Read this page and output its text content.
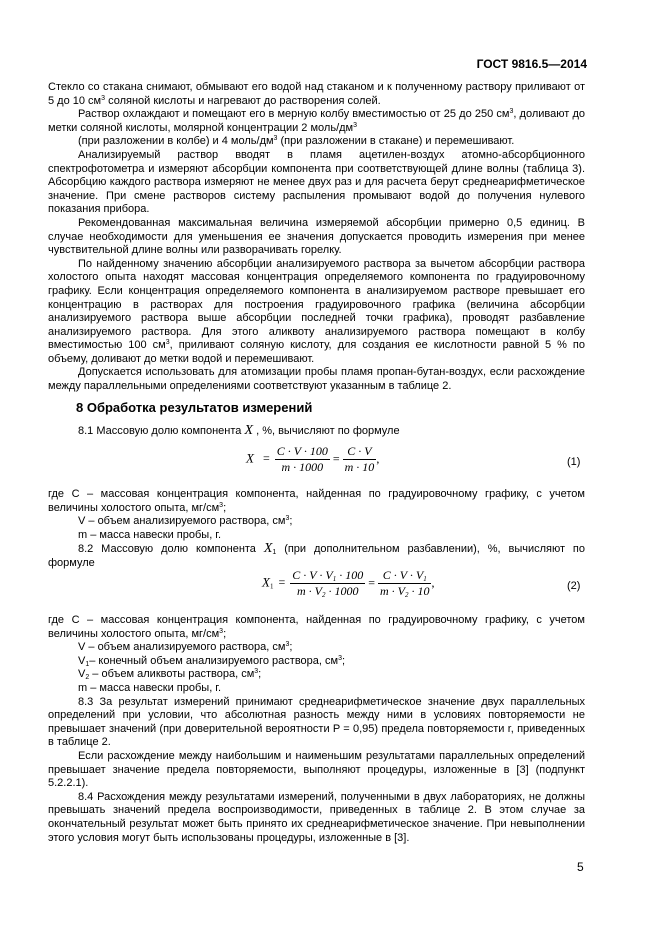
ГОСТ 9816.5—2014

Стекло со стакана снимают, обмывают его водой над стаканом и к полученному раствору приливают от 5 до 10 $см^3$ соляной кислоты и нагревают до растворения солей.

Раствор охлаждают и помещают его в мерную колбу вместимостью от 25 до 250 $см^3$, доливают до метки соляной кислоты, молярной концентрации 2 моль/$дм^3$

(при разложении в колбе) и 4 моль/$дм^3$ (при разложении в стакане) и перемешивают.

Анализируемый раствор вводят в пламя ацетилен-воздух атомно-абсорбционного спектрофотометра и измеряют абсорбции компонента при соответствующей длине волны (таблица 3). Абсорбцию каждого раствора измеряют не менее двух раз и для расчета берут среднеарифметическое значение. При смене растворов систему распыления промывают водой до получения нулевого показания прибора.

Рекомендованная максимальная величина измеряемой абсорбции примерно 0,5 единиц. В случае необходимости для уменьшения ее значения допускается проводить измерения при менее чувствительной длине волны или разворачивать горелку.

По найденному значению абсорбции анализируемого раствора за вычетом абсорбции раствора холостого опыта находят массовая концентрация определяемого компонента по градуировочному графику. Если концентрация определяемого компонента в анализируемом растворе превышает его концентрацию в растворах для построения градуировочного графика (величина абсорбции анализируемого раствора выше абсорбции последней точки графика), проводят разбавление анализируемого раствора. Для этого аликвоту анализируемого раствора помещают в колбу вместимостью 100 $см^3$, приливают соляную кислоту, для создания ее кислотности равной 5 % по объему, доливают до метки водой и перемешивают.

Допускается использовать для атомизации пробы пламя пропан-бутан-воздух, если расхождение между параллельными определениями соответствуют указанным в таблице 2.

8 Обработка результатов измерений

8.1 Массовую долю компонента X , %, вычисляют по формуле

$X = \frac{C \cdot V \cdot 100}{m \cdot 1000} = \frac{C \cdot V}{m \cdot 10}$ ,	(1)

где C – массовая концентрация компонента, найденная по градуировочному графику, с учетом величины холостого опыта, $мг/см^3$;

V – объем анализируемого раствора, $см^3$;

m – масса навески пробы, г.

8.2 Массовую долю компонента $X_1$ (при дополнительном разбавлении), %, вычисляют по формуле

$X_1 = \frac{C \cdot V \cdot V_1 \cdot 100}{m \cdot V_2 \cdot 1000} = \frac{C \cdot V \cdot V_1}{m \cdot V_2 \cdot 10}$ ,	(2)

где C – массовая концентрация компонента, найденная по градуировочному графику, с учетом величины холостого опыта, $мг/см^3$;

V – объем анализируемого раствора, $см^3$;

$V_1-$ конечный объем анализируемого раствора, $см^3$;

$V_2$ – объем аликвоты раствора, $см^3$;

m – масса навески пробы, г.

8.3 За результат измерений принимают среднеарифметическое значение двух параллельных определений при условии, что абсолютная разность между ними в условиях повторяемости не превышает значений (при доверительной вероятности P = 0,95) предела повторяемости r, приведенных в таблице 2.

Если расхождение между наибольшим и наименьшим результатами параллельных определений превышает значение предела повторяемости, выполняют процедуры, изложенные в [3] (подпункт 5.2.2.1).

8.4 Расхождения между результатами измерений, полученными в двух лабораториях, не должны превышать значений предела воспроизводимости, приведенных в таблице 2. В этом случае за окончательный результат может быть принято их среднеарифметическое значение. При невыполнении этого условия могут быть использованы процедуры, изложенные в [3].

5
